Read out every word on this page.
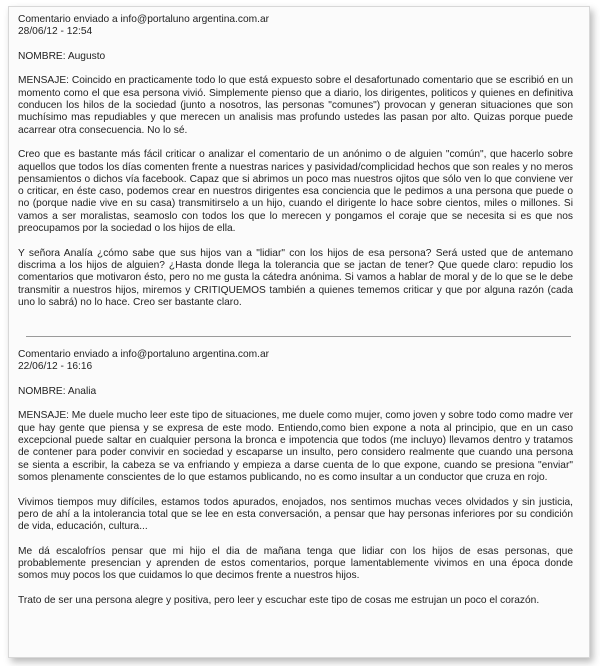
Comentario enviado a info@portaluno argentina.com.ar
28/06/12 - 12:54
NOMBRE: Augusto

MENSAJE: Coincido en practicamente todo lo que está expuesto sobre el desafortunado comentario que se escribió en un momento como el que esa persona vivió. Simplemente pienso que a diario, los dirigentes, politicos y quienes en definitiva conducen los hilos de la sociedad (junto a nosotros, las personas "comunes") provocan y generan situaciones que son muchísimo mas repudiables y que merecen un analisis mas profundo ustedes las pasan por alto. Quizas porque puede acarrear otra consecuencia. No lo sé.

Creo que es bastante más fácil criticar o analizar el comentario de un anónimo o de alguien "común", que hacerlo sobre aquellos que todos los días comenten frente a nuestras narices y pasividad/complicidad hechos que son reales y no meros pensamientos o dichos vía facebook. Capaz que si abrimos un poco mas nuestros ojitos que sólo ven lo que conviene ver o criticar, en éste caso, podemos crear en nuestros dirigentes esa conciencia que le pedimos a una persona que puede o no (porque nadie vive en su casa) transmitirselo a un hijo, cuando el dirigente lo hace sobre cientos, miles o millones. Si vamos a ser moralistas, seamoslo con todos los que lo merecen y pongamos el coraje que se necesita si es que nos preocupamos por la sociedad o los hijos de ella.

Y señora Analía ¿cómo sabe que sus hijos van a "lidiar" con los hijos de esa persona? Será usted que de antemano discrima a los hijos de alguien? ¿Hasta donde llega la tolerancia que se jactan de tener? Que quede claro: repudio los comentarios que motivaron ésto, pero no me gusta la cátedra anónima. Si vamos a hablar de moral y de lo que se le debe transmitir a nuestros hijos, miremos y CRITIQUEMOS también a quienes tememos criticar y que por alguna razón (cada uno lo sabrá) no lo hace. Creo ser bastante claro.

Comentario enviado a info@portaluno argentina.com.ar
22/06/12 - 16:16
NOMBRE: Analia

MENSAJE: Me duele mucho leer este tipo de situaciones, me duele como mujer, como joven y sobre todo como madre ver que hay gente que piensa y se expresa de este modo. Entiendo,como bien expone a nota al principio, que en un caso excepcional puede saltar en cualquier persona la bronca e impotencia que todos (me incluyo) llevamos dentro y tratamos de contener para poder convivir en sociedad y escaparse un insulto, pero considero realmente que cuando una persona se sienta a escribir, la cabeza se va enfriando y empieza a darse cuenta de lo que expone, cuando se presiona "enviar" somos plenamente conscientes de lo que estamos publicando, no es como insultar a un conductor que cruza en rojo.

Vivimos tiempos muy difíciles, estamos todos apurados, enojados, nos sentimos muchas veces olvidados y sin justicia, pero de ahí a la intolerancia total que se lee en esta conversación, a pensar que hay personas inferiores por su condición de vida, educación, cultura...

Me dá escalofríos pensar que mi hijo el dia de mañana tenga que lidiar con los hijos de esas personas, que probablemente presencian y aprenden de estos comentarios, porque lamentablemente vivimos en una época donde somos muy pocos los que cuidamos lo que decimos frente a nuestros hijos.

Trato de ser una persona alegre y positiva, pero leer y escuchar este tipo de cosas me estrujan un poco el corazón.
